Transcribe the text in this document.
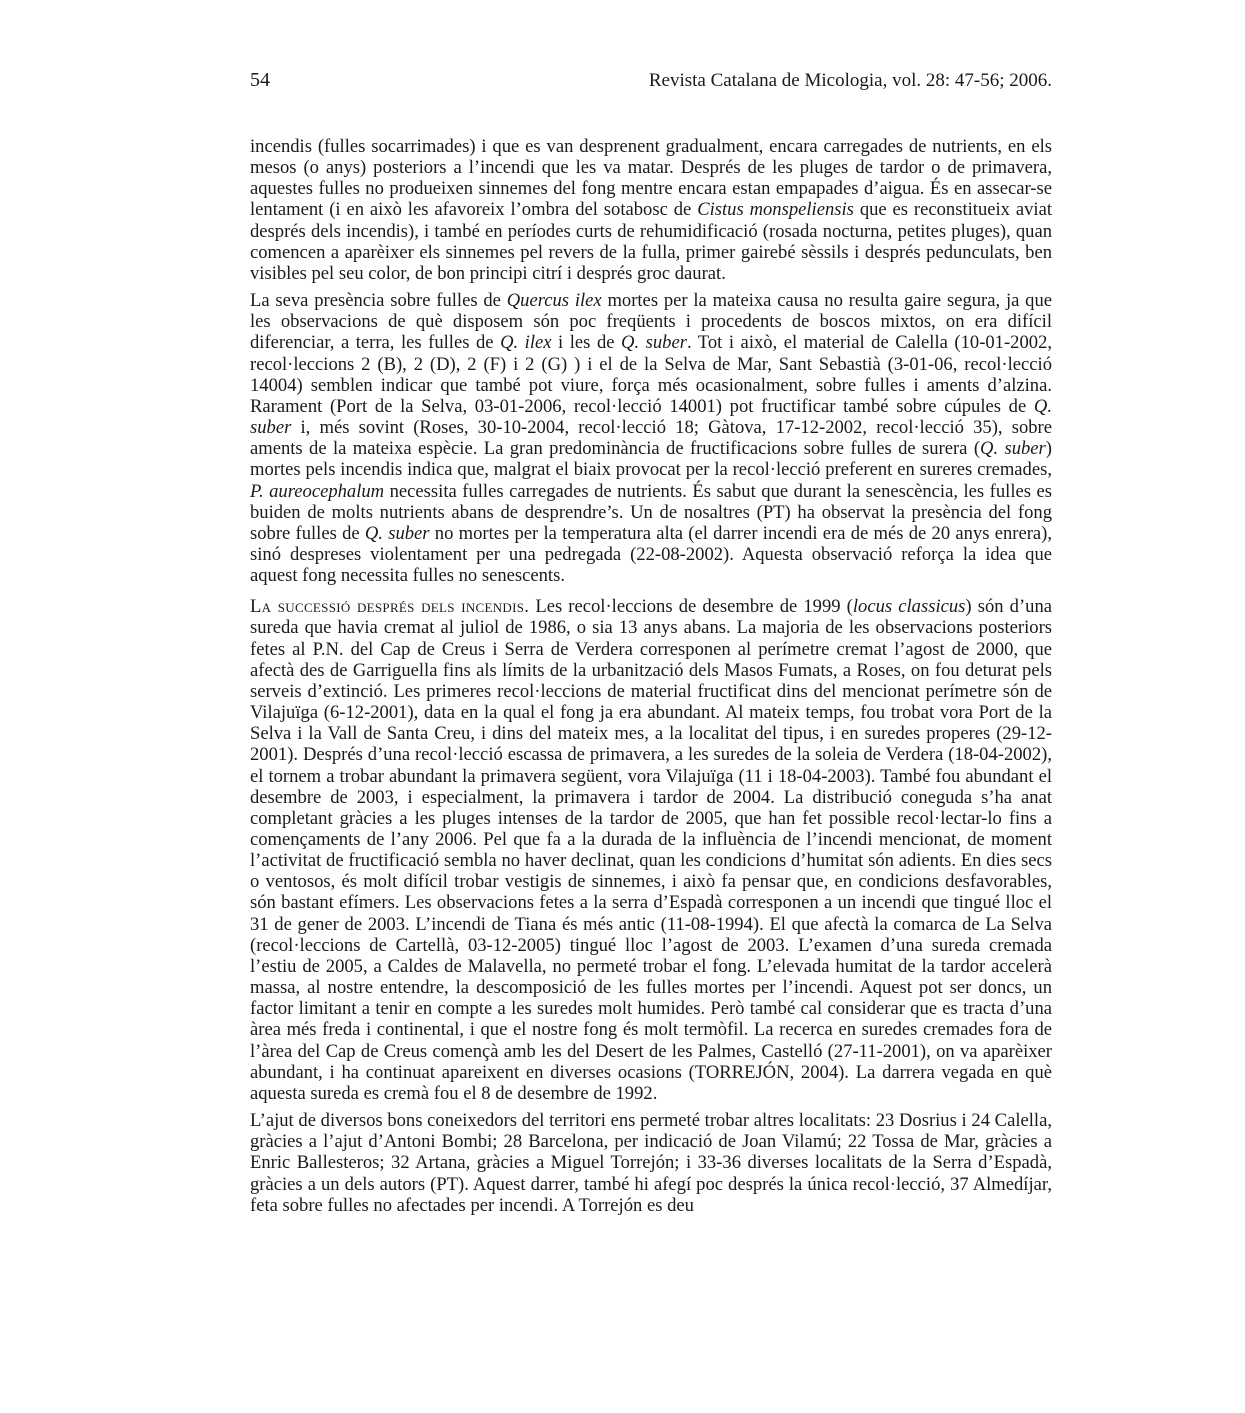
54	Revista Catalana de Micologia, vol. 28: 47-56; 2006.

incendis (fulles socarrimades) i que es van desprenent gradualment, encara carregades de nutrients, en els mesos (o anys) posteriors a l’incendi que les va matar. Després de les pluges de tardor o de primavera, aquestes fulles no produeixen sinnemes del fong mentre encara estan empapades d’aigua. És en assecar-se lentament (i en això les afavoreix l’ombra del sotabosc de Cistus monspeliensis que es reconstitueix aviat després dels incendis), i també en períodes curts de rehumidificació (rosada nocturna, petites pluges), quan comencen a aparèixer els sinnemes pel revers de la fulla, primer gairebé sèssils i després pedunculats, ben visibles pel seu color, de bon principi citrí i després groc daurat.

La seva presència sobre fulles de Quercus ilex mortes per la mateixa causa no resulta gaire segura, ja que les observacions de què disposem són poc freqüents i procedents de boscos mixtos, on era difícil diferenciar, a terra, les fulles de Q. ilex i les de Q. suber. Tot i això, el material de Calella (10-01-2002, recol·leccions 2 (B), 2 (D), 2 (F) i 2 (G) ) i el de la Selva de Mar, Sant Sebastià (3-01-06, recol·lecció 14004) semblen indicar que també pot viure, força més ocasionalment, sobre fulles i aments d’alzina. Rarament (Port de la Selva, 03-01-2006, recol·lecció 14001) pot fructificar també sobre cúpules de Q. suber i, més sovint (Roses, 30-10-2004, recol·lecció 18; Gàtova, 17-12-2002, recol·lecció 35), sobre aments de la mateixa espècie. La gran predominància de fructificacions sobre fulles de surera (Q. suber) mortes pels incendis indica que, malgrat el biaix provocat per la recol·lecció preferent en sureres cremades, P. aureocephalum necessita fulles carregades de nutrients. És sabut que durant la senescència, les fulles es buiden de molts nutrients abans de desprendre’s. Un de nosaltres (PT) ha observat la presència del fong sobre fulles de Q. suber no mortes per la temperatura alta (el darrer incendi era de més de 20 anys enrera), sinó despreses violentament per una pedregada (22-08-2002). Aquesta observació reforça la idea que aquest fong necessita fulles no senescents.

La successió després dels incendis. Les recol·leccions de desembre de 1999 (locus classicus) són d’una sureda que havia cremat al juliol de 1986, o sia 13 anys abans. La majoria de les observacions posteriors fetes al P.N. del Cap de Creus i Serra de Verdera corresponen al perímetre cremat l’agost de 2000, que afectà des de Garriguella fins als límits de la urbanització dels Masos Fumats, a Roses, on fou deturat pels serveis d’extinció. Les primeres recol·leccions de material fructificat dins del mencionat perímetre són de Vilajuïga (6-12-2001), data en la qual el fong ja era abundant. Al mateix temps, fou trobat vora Port de la Selva i la Vall de Santa Creu, i dins del mateix mes, a la localitat del tipus, i en suredes properes (29-12-2001). Després d’una recol·lecció escassa de primavera, a les suredes de la soleia de Verdera (18-04-2002), el tornem a trobar abundant la primavera següent, vora Vilajuïga (11 i 18-04-2003). També fou abundant el desembre de 2003, i especialment, la primavera i tardor de 2004. La distribució coneguda s’ha anat completant gràcies a les pluges intenses de la tardor de 2005, que han fet possible recol·lectar-lo fins a començaments de l’any 2006. Pel que fa a la durada de la influència de l’incendi mencionat, de moment l’activitat de fructificació sembla no haver declinat, quan les condicions d’humitat són adients. En dies secs o ventosos, és molt difícil trobar vestigis de sinnemes, i això fa pensar que, en condicions desfavorables, són bastant efímers. Les observacions fetes a la serra d’Espadà corresponen a un incendi que tingué lloc el 31 de gener de 2003. L’incendi de Tiana és més antic (11-08-1994). El que afectà la comarca de La Selva (recol·leccions de Cartellà, 03-12-2005) tingué lloc l’agost de 2003. L’examen d’una sureda cremada l’estiu de 2005, a Caldes de Malavella, no permeté trobar el fong. L’elevada humitat de la tardor accelerà massa, al nostre entendre, la descomposició de les fulles mortes per l’incendi. Aquest pot ser doncs, un factor limitant a tenir en compte a les suredes molt humides. Però també cal considerar que es tracta d’una àrea més freda i continental, i que el nostre fong és molt termòfil. La recerca en suredes cremades fora de l’àrea del Cap de Creus començà amb les del Desert de les Palmes, Castelló (27-11-2001), on va aparèixer abundant, i ha continuat apareixent en diverses ocasions (TORREJÓN, 2004). La darrera vegada en què aquesta sureda es cremà fou el 8 de desembre de 1992.

L’ajut de diversos bons coneixedors del territori ens permeté trobar altres localitats: 23 Dosrius i 24 Calella, gràcies a l’ajut d’Antoni Bombi; 28 Barcelona, per indicació de Joan Vilamú; 22 Tossa de Mar, gràcies a Enric Ballesteros; 32 Artana, gràcies a Miguel Torrejón; i 33-36 diverses localitats de la Serra d’Espadà, gràcies a un dels autors (PT). Aquest darrer, també hi afegí poc després la única recol·lecció, 37 Almedíjar, feta sobre fulles no afectades per incendi. A Torrejón es deu
